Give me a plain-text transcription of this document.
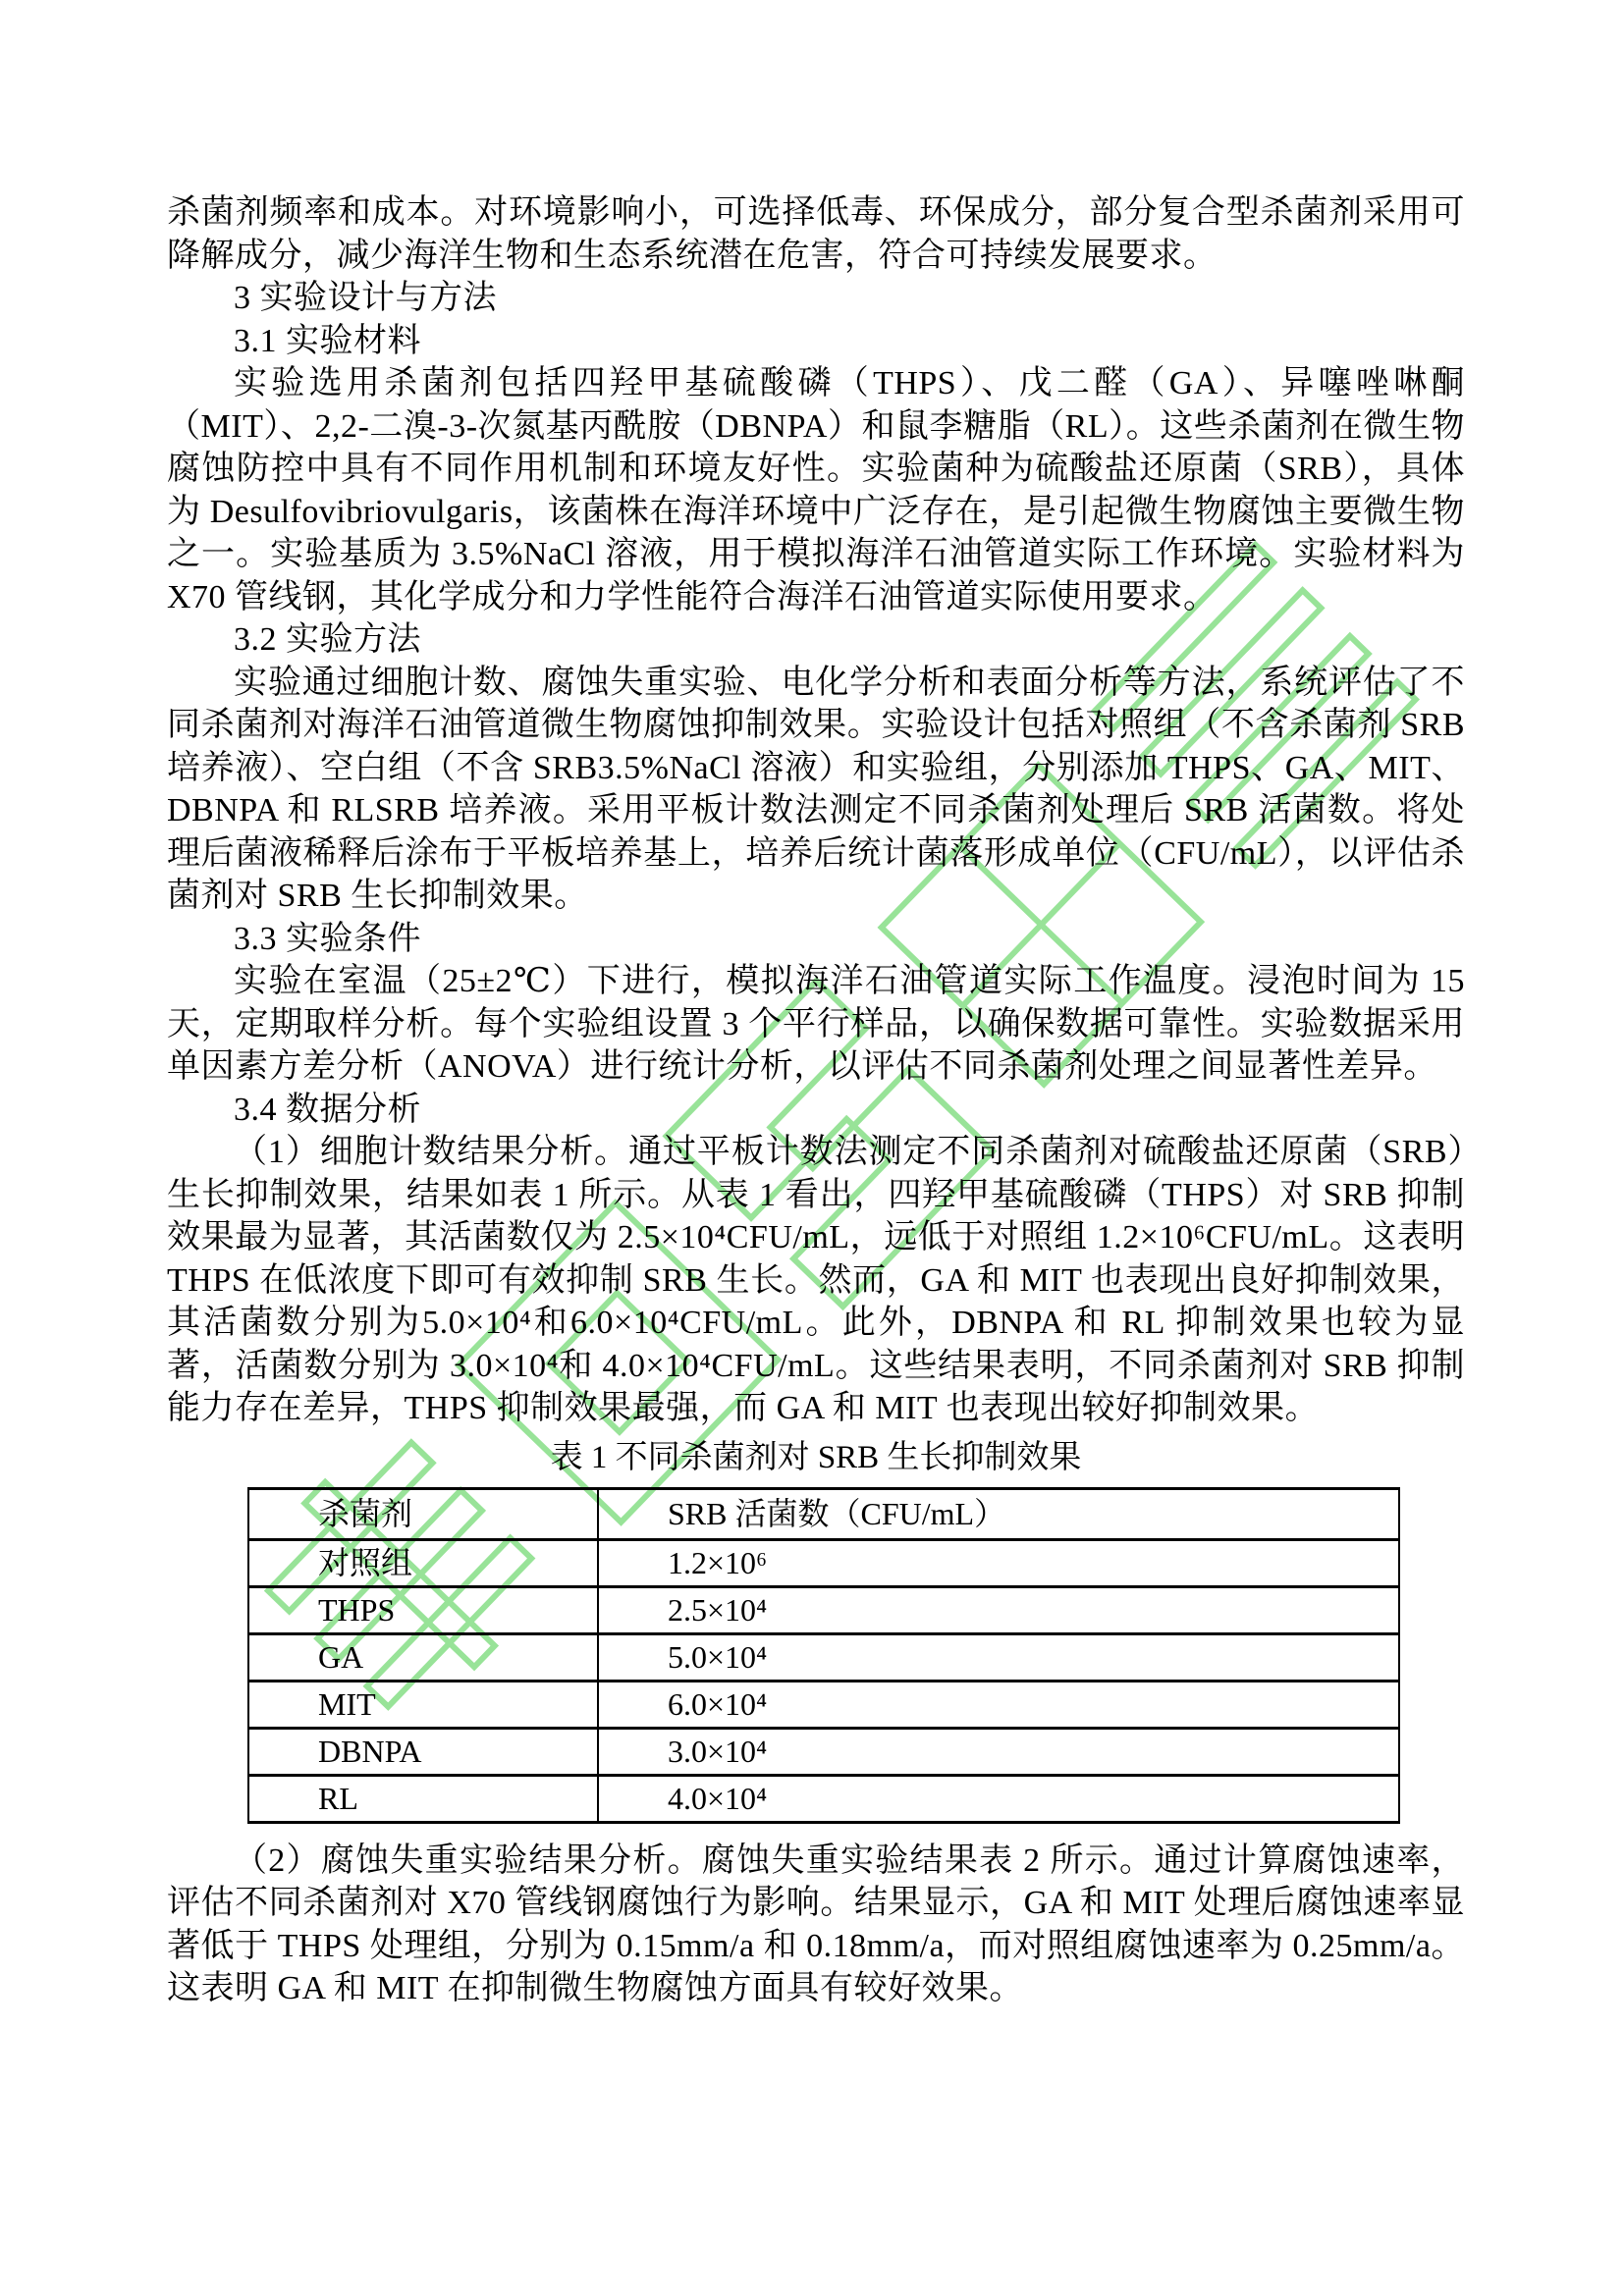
杀菌剂频率和成本。对环境影响小，可选择低毒、环保成分，部分复合型杀菌剂采用可降解成分，减少海洋生物和生态系统潜在危害，符合可持续发展要求。

3 实验设计与方法

3.1 实验材料

实验选用杀菌剂包括四羟甲基硫酸磷（THPS）、戊二醛（GA）、异噻唑啉酮（MIT）、2,2-二溴-3-次氮基丙酰胺（DBNPA）和鼠李糖脂（RL）。这些杀菌剂在微生物腐蚀防控中具有不同作用机制和环境友好性。实验菌种为硫酸盐还原菌（SRB），具体为 Desulfovibriovulgaris，该菌株在海洋环境中广泛存在，是引起微生物腐蚀主要微生物之一。实验基质为 3.5%NaCl 溶液，用于模拟海洋石油管道实际工作环境。实验材料为 X70 管线钢，其化学成分和力学性能符合海洋石油管道实际使用要求。

3.2 实验方法

实验通过细胞计数、腐蚀失重实验、电化学分析和表面分析等方法，系统评估了不同杀菌剂对海洋石油管道微生物腐蚀抑制效果。实验设计包括对照组（不含杀菌剂 SRB 培养液）、空白组（不含 SRB3.5%NaCl 溶液）和实验组，分别添加 THPS、GA、MIT、DBNPA 和 RLSRB 培养液。采用平板计数法测定不同杀菌剂处理后 SRB 活菌数。将处理后菌液稀释后涂布于平板培养基上，培养后统计菌落形成单位（CFU/mL），以评估杀菌剂对 SRB 生长抑制效果。

3.3 实验条件

实验在室温（25±2℃）下进行，模拟海洋石油管道实际工作温度。浸泡时间为 15 天，定期取样分析。每个实验组设置 3 个平行样品，以确保数据可靠性。实验数据采用单因素方差分析（ANOVA）进行统计分析，以评估不同杀菌剂处理之间显著性差异。

3.4 数据分析

（1）细胞计数结果分析。通过平板计数法测定不同杀菌剂对硫酸盐还原菌（SRB）生长抑制效果，结果如表 1 所示。从表 1 看出，四羟甲基硫酸磷（THPS）对 SRB 抑制效果最为显著，其活菌数仅为 2.5×10⁴CFU/mL，远低于对照组 1.2×10⁶CFU/mL。这表明 THPS 在低浓度下即可有效抑制 SRB 生长。然而，GA 和 MIT 也表现出良好抑制效果，其活菌数分别为5.0×10⁴和6.0×10⁴CFU/mL。此外，DBNPA 和 RL 抑制效果也较为显著，活菌数分别为 3.0×10⁴和 4.0×10⁴CFU/mL。这些结果表明，不同杀菌剂对 SRB 抑制能力存在差异，THPS 抑制效果最强，而 GA 和 MIT 也表现出较好抑制效果。

表 1 不同杀菌剂对 SRB 生长抑制效果
杀菌剂	SRB 活菌数（CFU/mL）
对照组	1.2×10⁶
THPS	2.5×10⁴
GA	5.0×10⁴
MIT	6.0×10⁴
DBNPA	3.0×10⁴
RL	4.0×10⁴

（2）腐蚀失重实验结果分析。腐蚀失重实验结果表 2 所示。通过计算腐蚀速率，评估不同杀菌剂对 X70 管线钢腐蚀行为影响。结果显示，GA 和 MIT 处理后腐蚀速率显著低于 THPS 处理组，分别为 0.15mm/a 和 0.18mm/a，而对照组腐蚀速率为 0.25mm/a。这表明 GA 和 MIT 在抑制微生物腐蚀方面具有较好效果。
